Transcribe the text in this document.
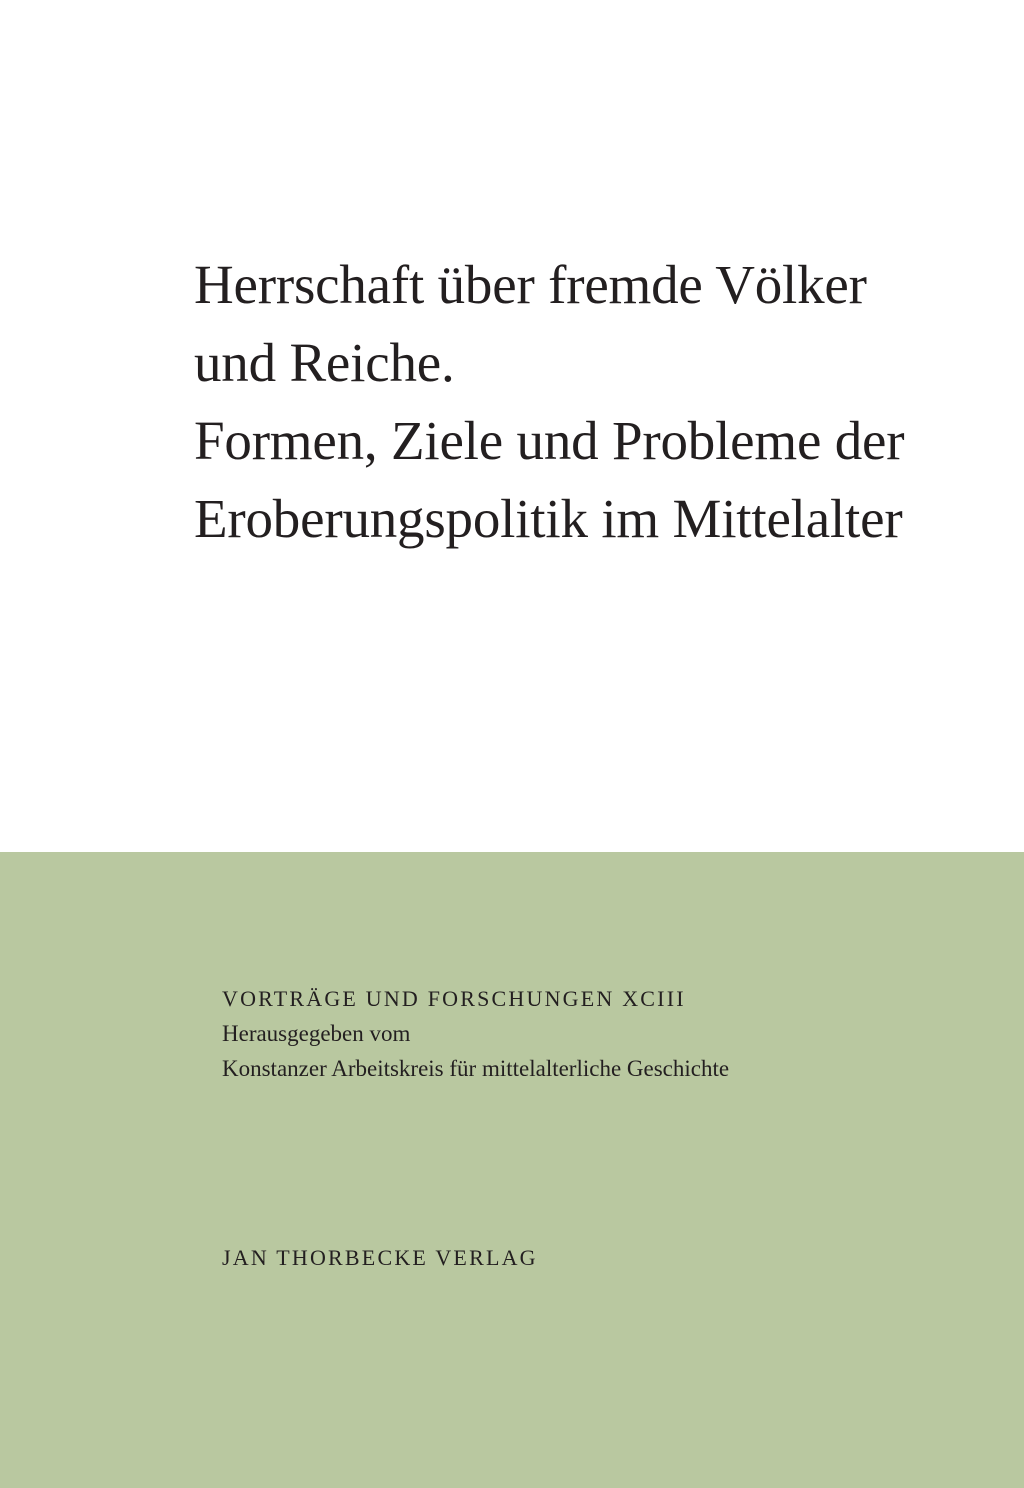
Herrschaft über fremde Völker
und Reiche.
Formen, Ziele und Probleme der
Eroberungspolitik im Mittelalter
VORTRÄGE UND FORSCHUNGEN XCIII
Herausgegeben vom
Konstanzer Arbeitskreis für mittelalterliche Geschichte
JAN THORBECKE VERLAG
